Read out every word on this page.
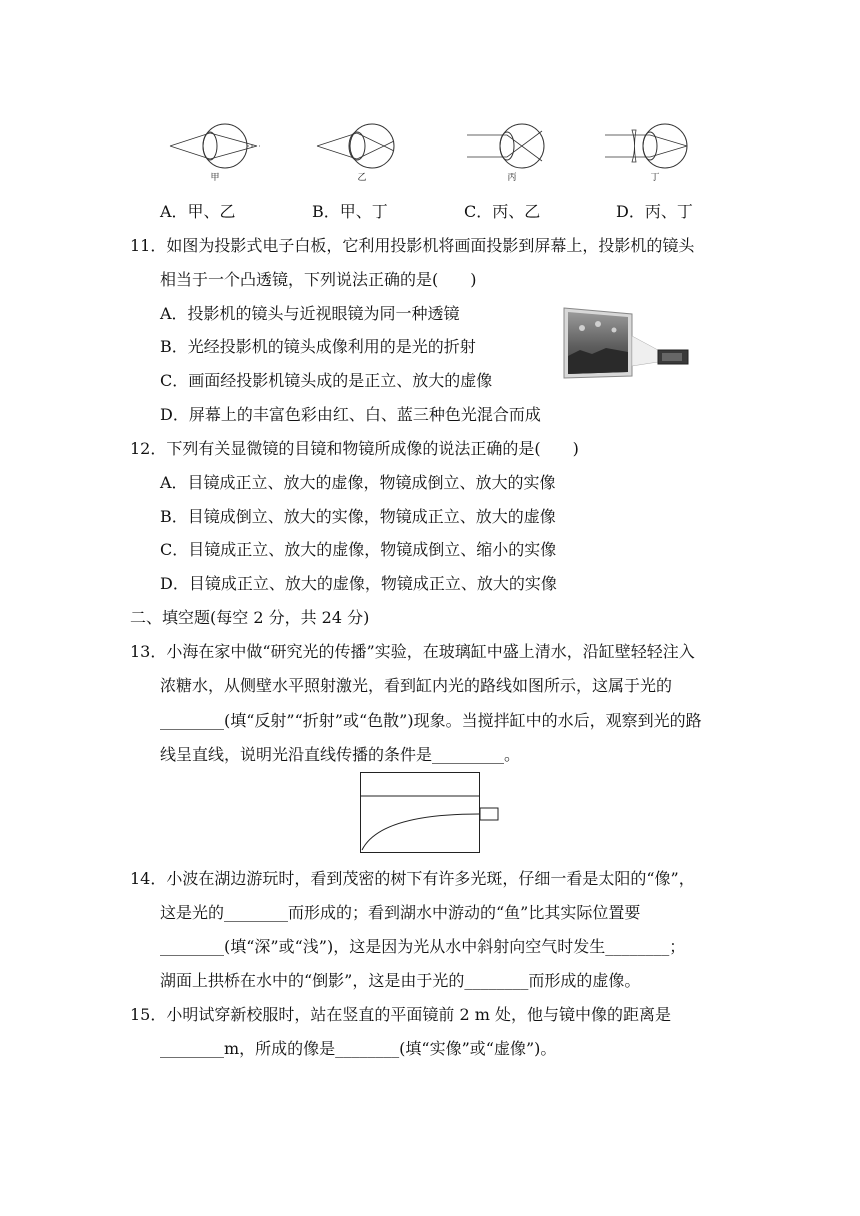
甲	乙	丙	丁
A．甲、乙	B．甲、丁	C．丙、乙	D．丙、丁
11．如图为投影式电子白板，它利用投影机将画面投影到屏幕上，投影机的镜头
相当于一个凸透镜，下列说法正确的是(　　)
A．投影机的镜头与近视眼镜为同一种透镜
B．光经投影机的镜头成像利用的是光的折射
C．画面经投影机镜头成的是正立、放大的虚像
D．屏幕上的丰富色彩由红、白、蓝三种色光混合而成
12．下列有关显微镜的目镜和物镜所成像的说法正确的是(　　)
A．目镜成正立、放大的虚像，物镜成倒立、放大的实像
B．目镜成倒立、放大的实像，物镜成正立、放大的虚像
C．目镜成正立、放大的虚像，物镜成倒立、缩小的实像
D．目镜成正立、放大的虚像，物镜成正立、放大的实像
二、填空题(每空 2 分，共 24 分)
13．小海在家中做“研究光的传播”实验，在玻璃缸中盛上清水，沿缸壁轻轻注入
浓糖水，从侧壁水平照射激光，看到缸内光的路线如图所示，这属于光的
________(填“反射”“折射”或“色散”)现象。当搅拌缸中的水后，观察到光的路
线呈直线，说明光沿直线传播的条件是_________。
14．小波在湖边游玩时，看到茂密的树下有许多光斑，仔细一看是太阳的“像”，
这是光的________而形成的；看到湖水中游动的“鱼”比其实际位置要
________(填“深”或“浅”)，这是因为光从水中斜射向空气时发生________；
湖面上拱桥在水中的“倒影”，这是由于光的________而形成的虚像。
15．小明试穿新校服时，站在竖直的平面镜前 2 m 处，他与镜中像的距离是
________m，所成的像是________(填“实像”或“虚像”)。
